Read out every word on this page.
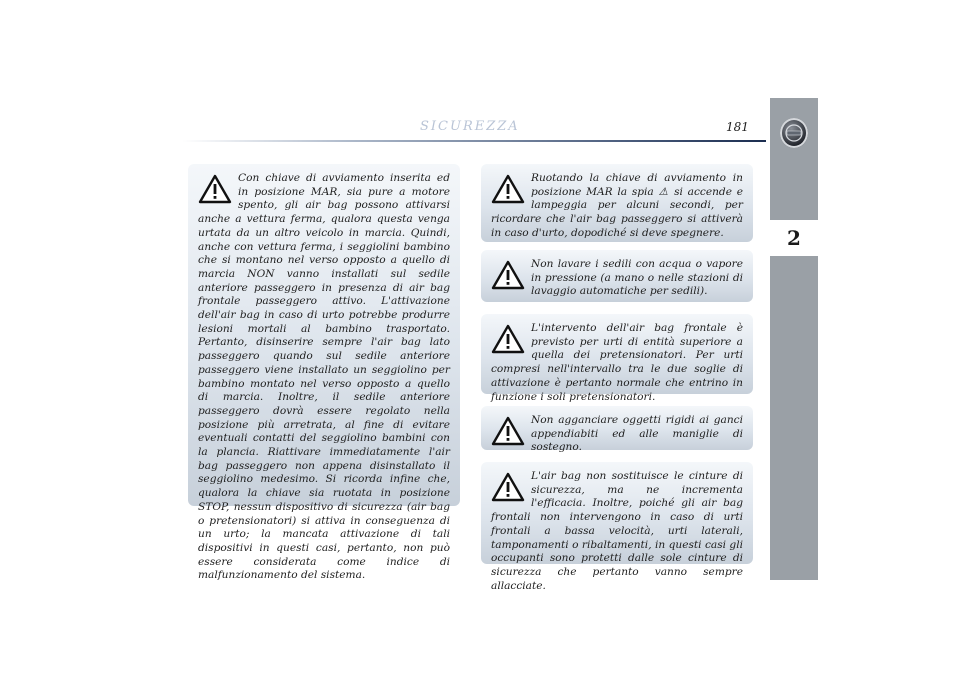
SICUREZZA	181
2

Con chiave di avviamento inserita ed in posizione MAR, sia pure a motore spento, gli air bag possono attivarsi anche a vettura ferma, qualora questa venga urtata da un altro veicolo in marcia. Quindi, anche con vettura ferma, i seggiolini bambino che si montano nel verso opposto a quello di marcia NON vanno installati sul sedile anteriore passeggero in presenza di air bag frontale passeggero attivo. L'attivazione dell'air bag in caso di urto potrebbe produrre lesioni mortali al bambino trasportato. Pertanto, disinserire sempre l'air bag lato passeggero quando sul sedile anteriore passeggero viene installato un seggiolino per bambino montato nel verso opposto a quello di marcia. Inoltre, il sedile anteriore passeggero dovrà essere regolato nella posizione più arretrata, al fine di evitare eventuali contatti del seggiolino bambini con la plancia. Riattivare immediatamente l'air bag passeggero non appena disinstallato il seggiolino medesimo. Si ricorda infine che, qualora la chiave sia ruotata in posizione STOP, nessun dispositivo di sicurezza (air bag o pretensionatori) si attiva in conseguenza di un urto; la mancata attivazione di tali dispositivi in questi casi, pertanto, non può essere considerata come indice di malfunzionamento del sistema.

Ruotando la chiave di avviamento in posizione MAR la spia ⚠ si accende e lampeggia per alcuni secondi, per ricordare che l'air bag passeggero si attiverà in caso d'urto, dopodiché si deve spegnere.

Non lavare i sedili con acqua o vapore in pressione (a mano o nelle stazioni di lavaggio automatiche per sedili).

L'intervento dell'air bag frontale è previsto per urti di entità superiore a quella dei pretensionatori. Per urti compresi nell'intervallo tra le due soglie di attivazione è pertanto normale che entrino in funzione i soli pretensionatori.

Non agganciare oggetti rigidi ai ganci appendiabiti ed alle maniglie di sostegno.

L'air bag non sostituisce le cinture di sicurezza, ma ne incrementa l'efficacia. Inoltre, poiché gli air bag frontali non intervengono in caso di urti frontali a bassa velocità, urti laterali, tamponamenti o ribaltamenti, in questi casi gli occupanti sono protetti dalle sole cinture di sicurezza che pertanto vanno sempre allacciate.
